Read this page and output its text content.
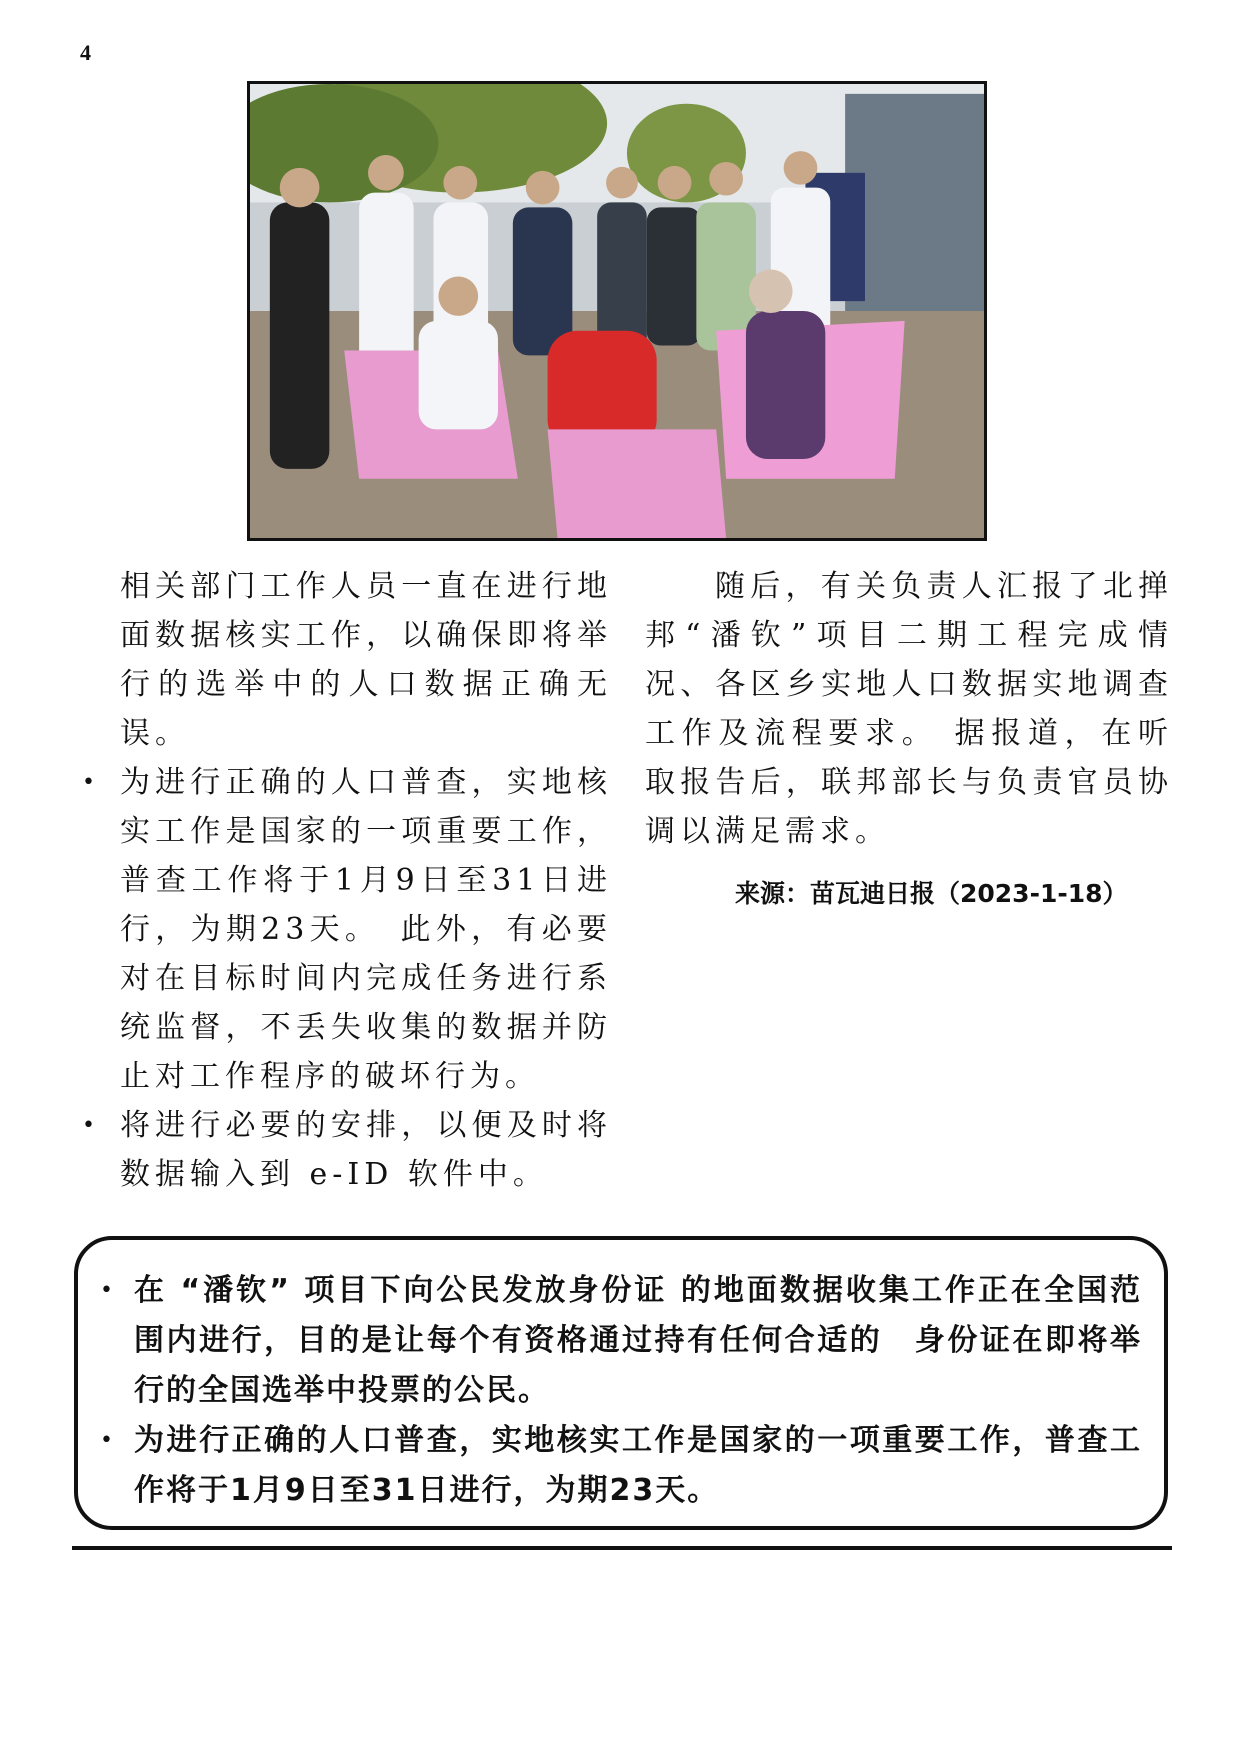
4

相关部门工作人员一直在进行地面数据核实工作，以确保即将举行的选举中的人口数据正确无误。

• 为进行正确的人口普查，实地核实工作是国家的一项重要工作，普查工作将于1月9日至31日进行，为期23天。　此外，有必要对在目标时间内完成任务进行系统监督，不丢失收集的数据并防止对工作程序的破坏行为。

• 将进行必要的安排，以便及时将数据输入到 e-ID 软件中。

随后，有关负责人汇报了北掸邦“潘钦”项目二期工程完成情况、各区乡实地人口数据实地调查工作及流程要求。 据报道，在听取报告后，联邦部长与负责官员协调以满足需求。

来源：苗瓦迪日报（2023-1-18）
• 在 “潘钦” 项目下向公民发放身份证 的地面数据收集工作正在全国范围内进行，目的是让每个有资格通过持有任何合适的　身份证在即将举行的全国选举中投票的公民。

• 为进行正确的人口普查，实地核实工作是国家的一项重要工作，普查工作将于1月9日至31日进行，为期23天。
